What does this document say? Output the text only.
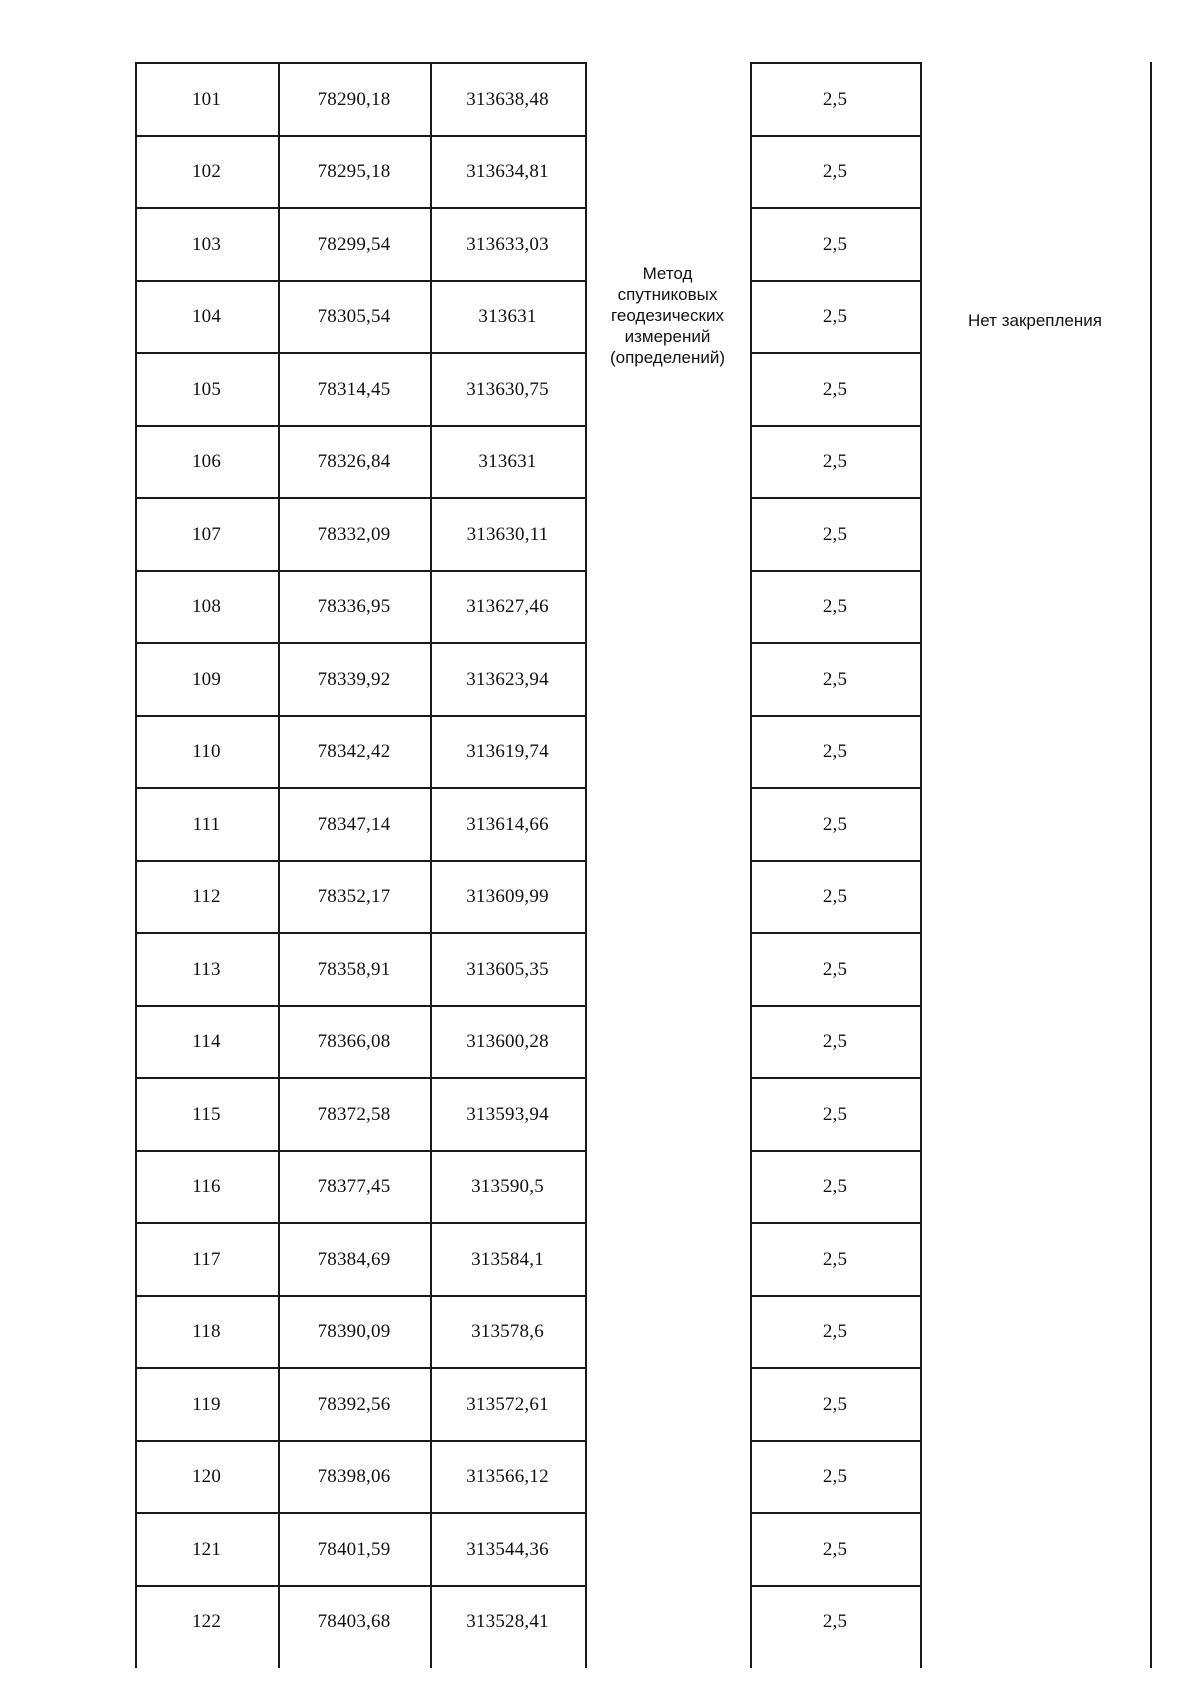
101	78290,18	313638,48	2,5
102	78295,18	313634,81	2,5
103	78299,54	313633,03	2,5
104	78305,54	313631	2,5
105	78314,45	313630,75	2,5
106	78326,84	313631	2,5
107	78332,09	313630,11	2,5
108	78336,95	313627,46	2,5
109	78339,92	313623,94	2,5
110	78342,42	313619,74	2,5
111	78347,14	313614,66	2,5
112	78352,17	313609,99	2,5
113	78358,91	313605,35	2,5
114	78366,08	313600,28	2,5
115	78372,58	313593,94	2,5
116	78377,45	313590,5	2,5
117	78384,69	313584,1	2,5
118	78390,09	313578,6	2,5
119	78392,56	313572,61	2,5
120	78398,06	313566,12	2,5
121	78401,59	313544,36	2,5
122	78403,68	313528,41	2,5
Метод спутниковых геодезических измерений (определений)
Нет закрепления
